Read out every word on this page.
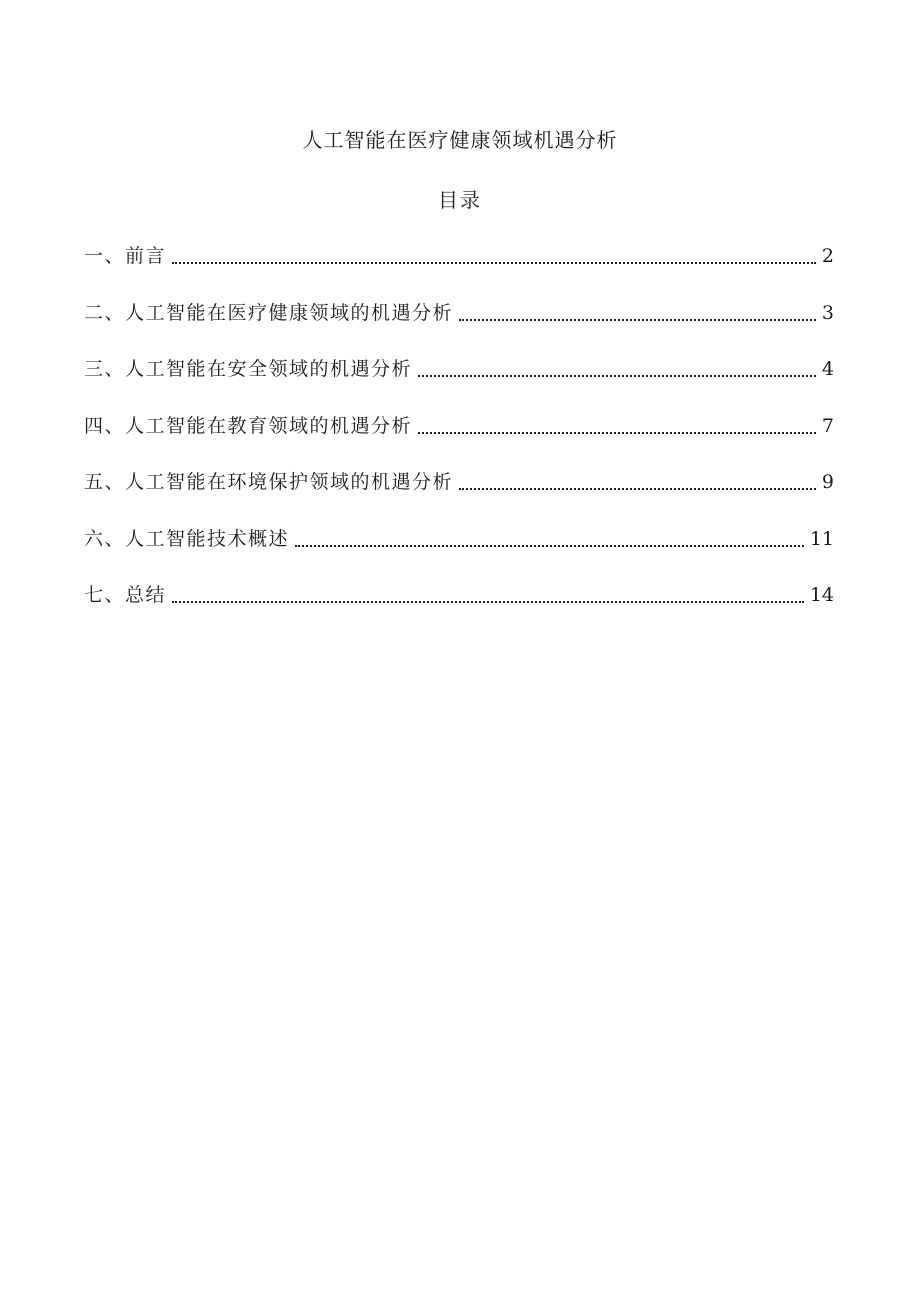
人工智能在医疗健康领域机遇分析
目录
一、前言	2
二、人工智能在医疗健康领域的机遇分析	3
三、人工智能在安全领域的机遇分析	4
四、人工智能在教育领域的机遇分析	7
五、人工智能在环境保护领域的机遇分析	9
六、人工智能技术概述	11
七、总结	14
